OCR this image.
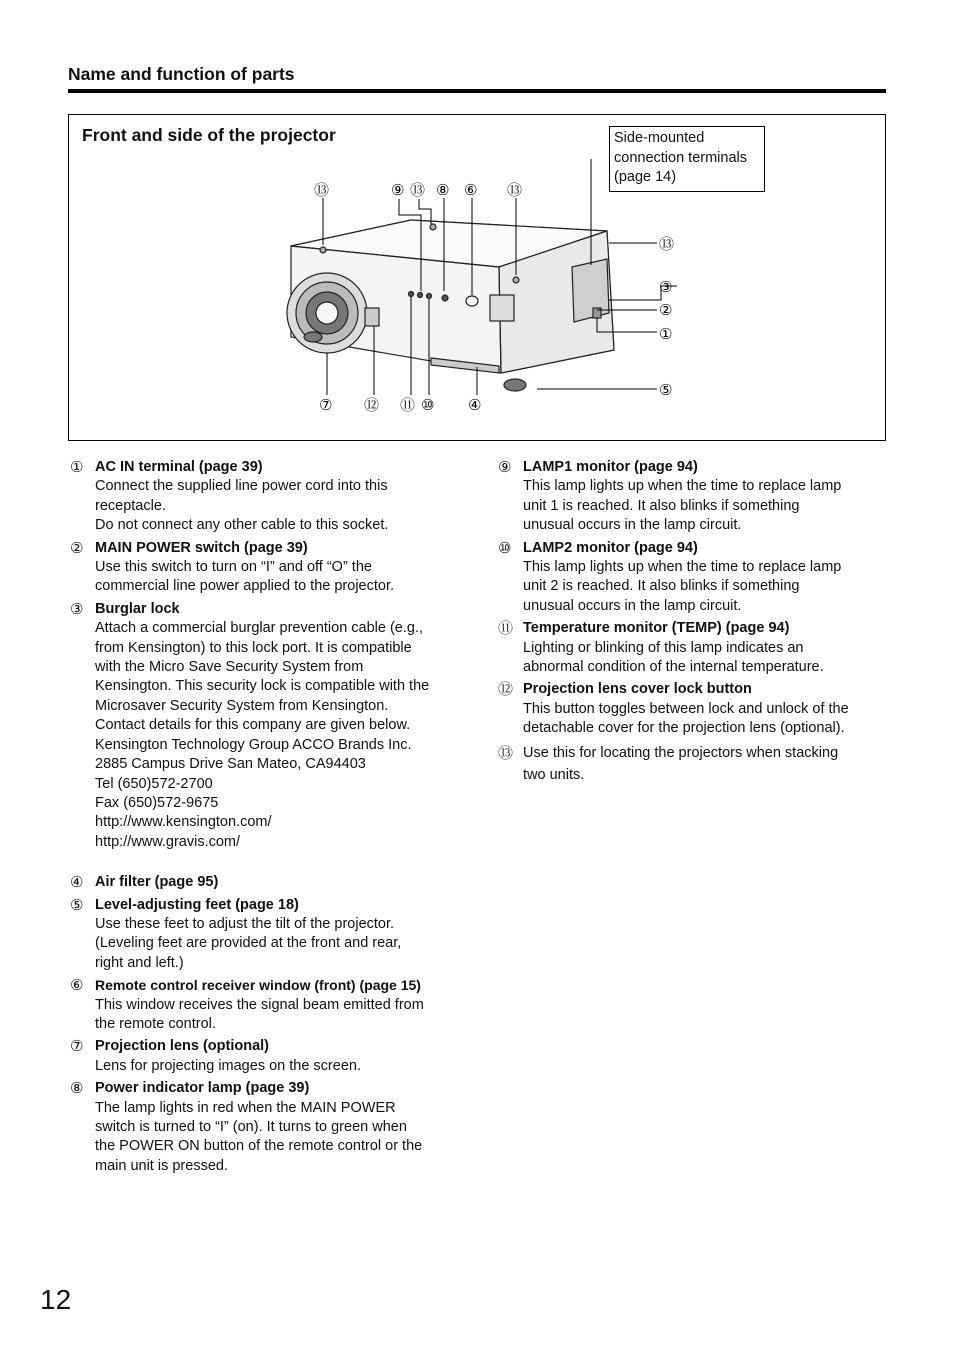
Name and function of parts
Front and side of the projector	Side-mounted
connection terminals
(page 14)
⑬	⑨ ⑬ ⑧ ⑥ ⑬
⑬
③
②
①
⑤
⑦ ⑫ ⑪ ⑩ ④
① AC IN terminal (page 39)
Connect the supplied line power cord into this
receptacle.
Do not connect any other cable to this socket.
② MAIN POWER switch (page 39)
Use this switch to turn on “I” and off “O” the
commercial line power applied to the projector.
③ Burglar lock
Attach a commercial burglar prevention cable (e.g.,
from Kensington) to this lock port. It is compatible
with the Micro Save Security System from
Kensington. This security lock is compatible with the
Microsaver Security System from Kensington.
Contact details for this company are given below.
Kensington Technology Group ACCO Brands Inc.
2885 Campus Drive San Mateo, CA94403
Tel (650)572-2700
Fax (650)572-9675
http://www.kensington.com/
http://www.gravis.com/
④ Air filter (page 95)
⑤ Level-adjusting feet (page 18)
Use these feet to adjust the tilt of the projector.
(Leveling feet are provided at the front and rear,
right and left.)
⑥ Remote control receiver window (front) (page 15)
This window receives the signal beam emitted from
the remote control.
⑦ Projection lens (optional)
Lens for projecting images on the screen.
⑧ Power indicator lamp (page 39)
The lamp lights in red when the MAIN POWER
switch is turned to “I” (on). It turns to green when
the POWER ON button of the remote control or the
main unit is pressed.
⑨ LAMP1 monitor (page 94)
This lamp lights up when the time to replace lamp
unit 1 is reached. It also blinks if something
unusual occurs in the lamp circuit.
⑩ LAMP2 monitor (page 94)
This lamp lights up when the time to replace lamp
unit 2 is reached. It also blinks if something
unusual occurs in the lamp circuit.
⑪ Temperature monitor (TEMP) (page 94)
Lighting or blinking of this lamp indicates an
abnormal condition of the internal temperature.
⑫ Projection lens cover lock button
This button toggles between lock and unlock of the
detachable cover for the projection lens (optional).
⑬ Use this for locating the projectors when stacking
two units.
12
